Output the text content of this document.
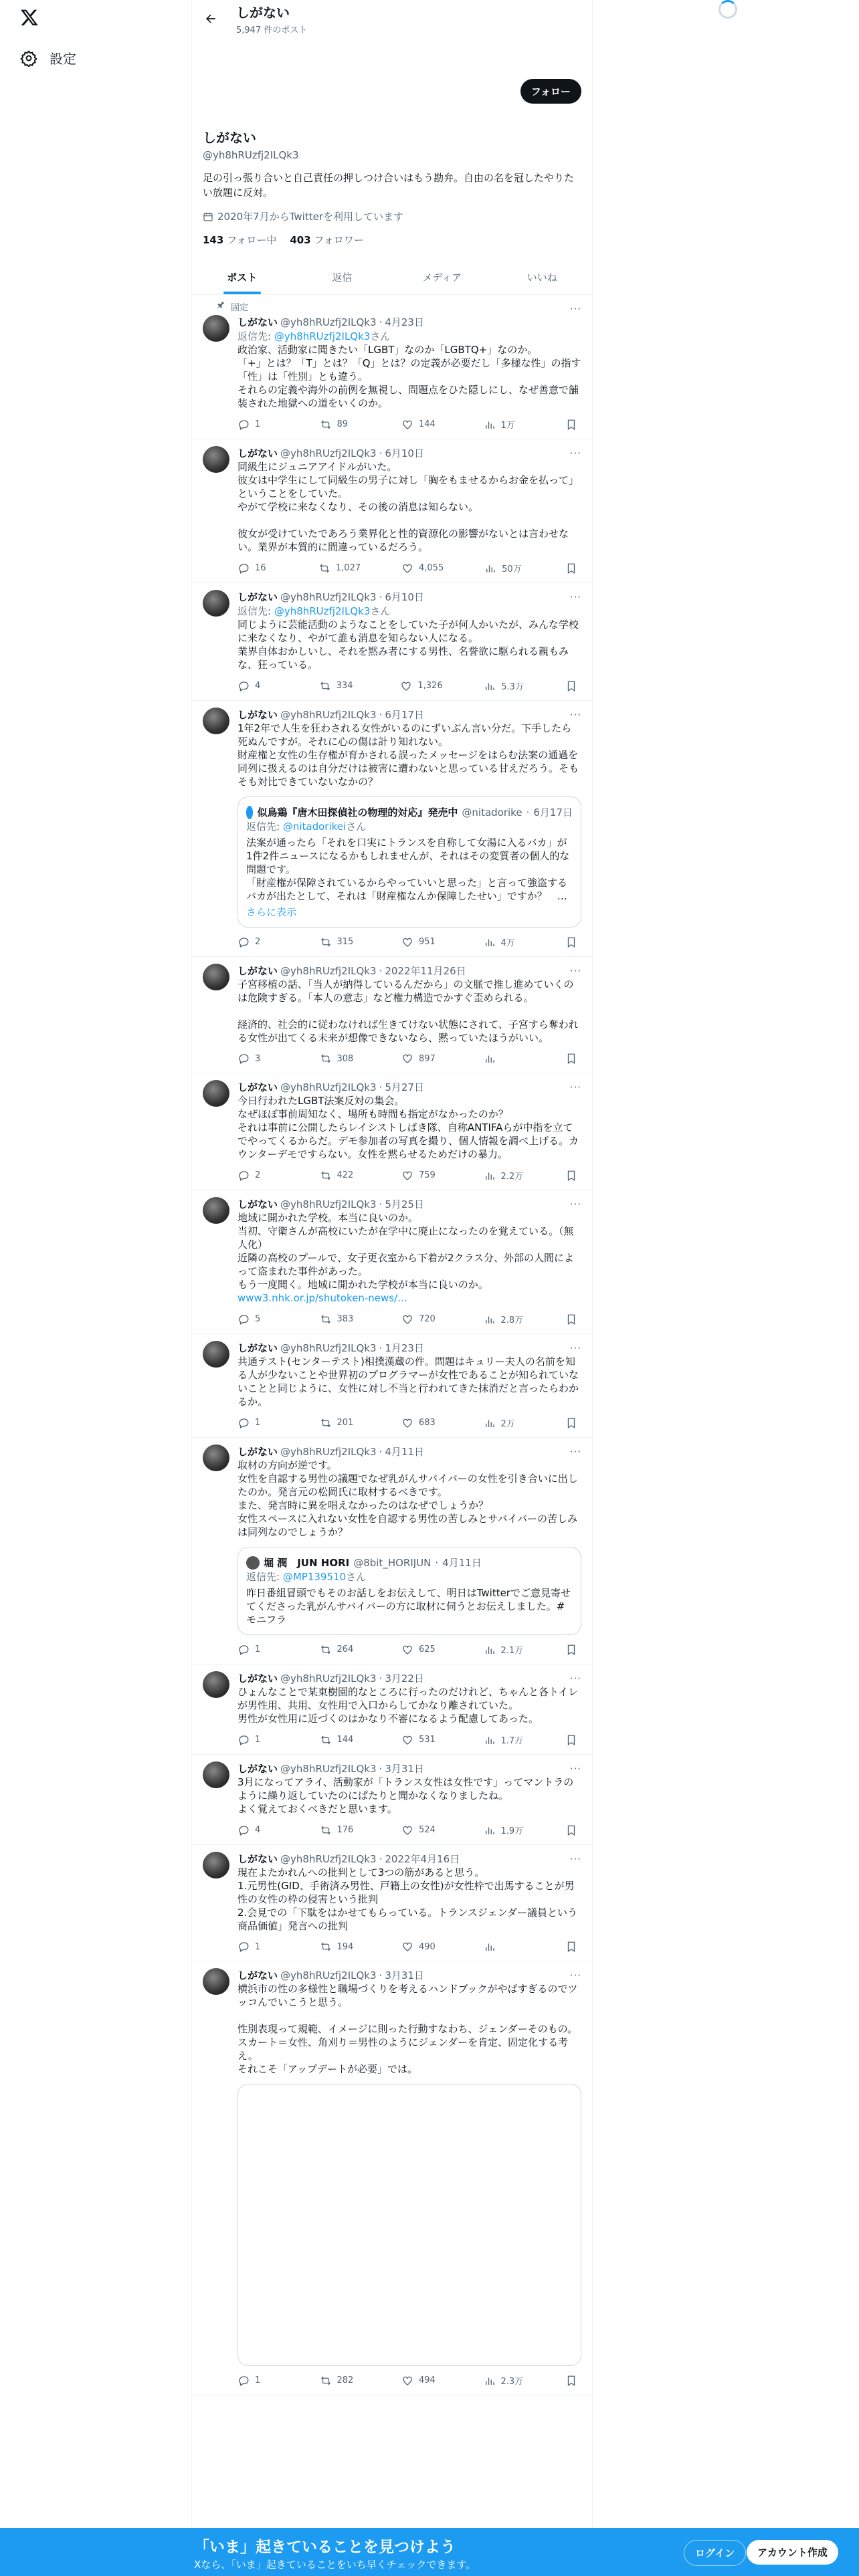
設定
しがない
5,947 件のポスト
フォロー
しがない
@yh8hRUzfj2ILQk3
足の引っ張り合いと自己責任の押しつけ合いはもう勘弁。自由の名を冠したやりたい放題に反対。
2020年7月からTwitterを利用しています
143 フォロー中 403 フォロワー
ポスト	返信	メディア	いいね
固定	···
しがない @yh8hRUzfj2ILQk3 · 4月23日
返信先: @yh8hRUzfj2ILQk3さん
政治家、活動家に聞きたい「LGBT」なのか「LGBTQ+」なのか。
「+」とは？「T」とは？「Q」とは？の定義が必要だし「多様な性」の指す「性」は「性別」とも違う。
それらの定義や海外の前例を無視し、問題点をひた隠しにし、なぜ善意で舗装された地獄への道をいくのか。
1	89	144	1万
···
しがない @yh8hRUzfj2ILQk3 · 6月10日
同級生にジュニアアイドルがいた。
彼女は中学生にして同級生の男子に対し「胸をもませるからお金を払って」ということをしていた。
やがて学校に来なくなり、その後の消息は知らない。

彼女が受けていたであろう業界化と性的資源化の影響がないとは言わせない。業界が本質的に間違っているだろう。
16	1,027	4,055	50万
···
しがない @yh8hRUzfj2ILQk3 · 6月10日
返信先: @yh8hRUzfj2ILQk3さん
同じように芸能活動のようなことをしていた子が何人かいたが、みんな学校に来なくなり、やがて誰も消息を知らない人になる。
業界自体おかしいし、それを黙み者にする男性、名誉欲に駆られる親もみな、狂っている。
4	334	1,326	5.3万
···
しがない @yh8hRUzfj2ILQk3 · 6月17日
1年2年で人生を狂わされる女性がいるのにずいぶん言い分だ。下手したら死ぬんですが。それに心の傷は計り知れない。
財産権と女性の生存権が育かされる誤ったメッセージをはらむ法案の通過を同列に扱えるのは自分だけは被害に遭わないと思っている甘えだろう。そもそも対比できていないなかの？
似鳥鶏『唐木田探偵社の物理的対応』発売中 @nitadorike · 6月17日
返信先: @nitadorikeiさん
法案が通ったら「それを口実にトランスを自称して女湯に入るバカ」が1件2件ニュースになるかもしれませんが、それはその変質者の個人的な問題です。
「財産権が保障されているからやっていいと思った」と言って強盗するバカが出たとして、それは「財産権なんか保障したせい」ですか？　…
さらに表示
2	315	951	4万
···
しがない @yh8hRUzfj2ILQk3 · 2022年11月26日
子宮移植の話、「当人が納得しているんだから」の文脈で推し進めていくのは危険すぎる。「本人の意志」など権力構造でかすぐ歪められる。

経済的、社会的に従わなければ生きてけない状態にされて、子宮すら奪われる女性が出てくる未来が想像できないなら、黙っていたほうがいい。
3	308	897
···
しがない @yh8hRUzfj2ILQk3 · 5月27日
今日行われたLGBT法案反対の集会。
なぜほぼ事前周知なく、場所も時間も指定がなかったのか？
それは事前に公開したらレイシストしばき隊、自称ANTIFAらが中指を立てでやってくるからだ。デモ参加者の写真を撮り、個人情報を調べ上げる。カウンターデモですらない。女性を黙らせるためだけの暴力。
2	422	759	2.2万
···
しがない @yh8hRUzfj2ILQk3 · 5月25日
地域に開かれた学校。本当に良いのか。
当初、守衛さんが高校にいたが在学中に廃止になったのを覚えている。（無人化）
近隣の高校のプールで、女子更衣室から下着が2クラス分、外部の人間によって盗まれた事件があった。
もう一度聞く。地域に開かれた学校が本当に良いのか。
www3.nhk.or.jp/shutoken-news/…
5	383	720	2.8万
···
しがない @yh8hRUzfj2ILQk3 · 1月23日
共通テスト(センターテスト)相撲漢蔵の件。問題はキュリー夫人の名前を知る人が少ないことや世界初のプログラマーが女性であることが知られていないことと同じように、女性に対し不当と行われてきた抹消だと言ったらわかるか。
1	201	683	2万
···
しがない @yh8hRUzfj2ILQk3 · 4月11日
取材の方向が逆です。
女性を自認する男性の議題でなぜ乳がんサバイバーの女性を引き合いに出したのか。発言元の松岡氏に取材するべきです。
また、発言時に異を唱えなかったのはなぜでしょうか？
女性スペースに入れない女性を自認する男性の苦しみとサバイバーの苦しみは同列なのでしょうか？
堀 潤　JUN HORI @8bit_HORIJUN · 4月11日
返信先: @MP139510さん
昨日番組冒頭でもそのお話しをお伝えして、明日はTwitterでご意見寄せてくださった乳がんサバイバーの方に取材に伺うとお伝えしました。#モニフラ
1	264	625	2.1万
···
しがない @yh8hRUzfj2ILQk3 · 3月22日
ひょんなことで某東樹園的なところに行ったのだけれど、ちゃんと各トイレが男性用、共用、女性用で入口からしてかなり離されていた。
男性が女性用に近づくのはかなり不審になるよう配慮してあった。
1	144	531	1.7万
···
しがない @yh8hRUzfj2ILQk3 · 3月31日
3月になってアライ、活動家が「トランス女性は女性です」ってマントラのように繰り返していたのにぱたりと聞かなくなりましたね。
よく覚えておくべきだと思います。
4	176	524	1.9万
···
しがない @yh8hRUzfj2ILQk3 · 2022年4月16日
現在よたかれんへの批判として3つの筋があると思う。
1.元男性(GID、手術済み男性、戸籍上の女性)が女性枠で出馬することが男性の女性の枠の侵害という批判
2.会見での「下駄をはかせてもらっている。トランスジェンダー議員という商品価値」発言への批判
1	194	490
···
しがない @yh8hRUzfj2ILQk3 · 3月31日
横浜市の性の多様性と職場づくりを考えるハンドブックがやばすぎるのでツッコんでいこうと思う。

性別表現って規範、イメージに則った行動すなわち、ジェンダーそのもの。スカート＝女性、角刈り＝男性のようにジェンダーを肯定、固定化する考え。
それこそ「アップデートが必要」では。
1	282	494	2.3万
「いま」起きていることを見つけよう
Xなら、「いま」起きていることをいち早くチェックできます。
ログイン	アカウント作成
